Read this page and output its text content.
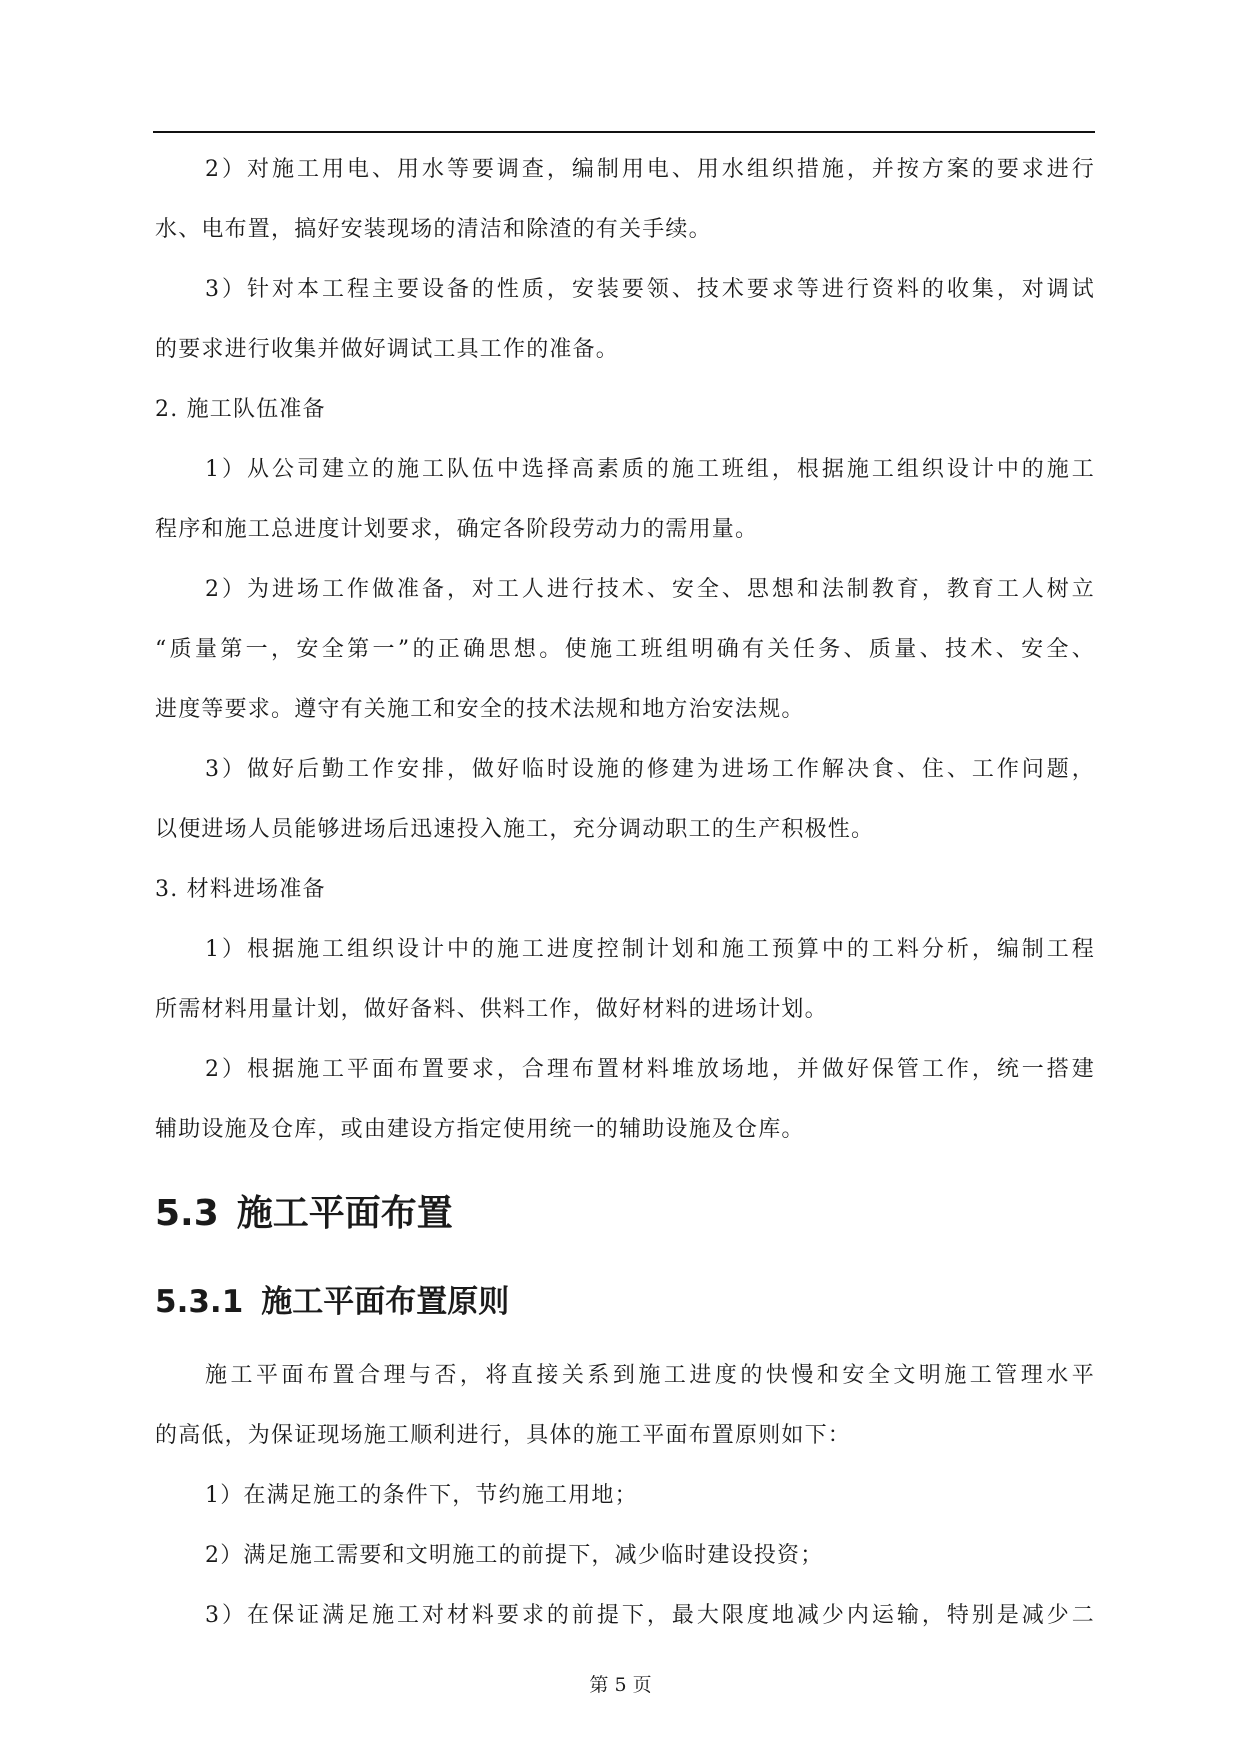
2）对施工用电、用水等要调查，编制用电、用水组织措施，并按方案的要求进行
水、电布置，搞好安装现场的清洁和除渣的有关手续。
3）针对本工程主要设备的性质，安装要领、技术要求等进行资料的收集，对调试
的要求进行收集并做好调试工具工作的准备。
2. 施工队伍准备
1）从公司建立的施工队伍中选择高素质的施工班组，根据施工组织设计中的施工
程序和施工总进度计划要求，确定各阶段劳动力的需用量。
2）为进场工作做准备，对工人进行技术、安全、思想和法制教育，教育工人树立
“质量第一，安全第一”的正确思想。使施工班组明确有关任务、质量、技术、安全、
进度等要求。遵守有关施工和安全的技术法规和地方治安法规。
3）做好后勤工作安排，做好临时设施的修建为进场工作解决食、住、工作问题，
以便进场人员能够进场后迅速投入施工，充分调动职工的生产积极性。
3. 材料进场准备
1）根据施工组织设计中的施工进度控制计划和施工预算中的工料分析，编制工程
所需材料用量计划，做好备料、供料工作，做好材料的进场计划。
2）根据施工平面布置要求，合理布置材料堆放场地，并做好保管工作，统一搭建
辅助设施及仓库，或由建设方指定使用统一的辅助设施及仓库。
5.3 施工平面布置
5.3.1 施工平面布置原则
施工平面布置合理与否，将直接关系到施工进度的快慢和安全文明施工管理水平
的高低，为保证现场施工顺利进行，具体的施工平面布置原则如下：
1）在满足施工的条件下，节约施工用地；
2）满足施工需要和文明施工的前提下，减少临时建设投资；
3）在保证满足施工对材料要求的前提下，最大限度地减少内运输，特别是减少二
第 5 页
